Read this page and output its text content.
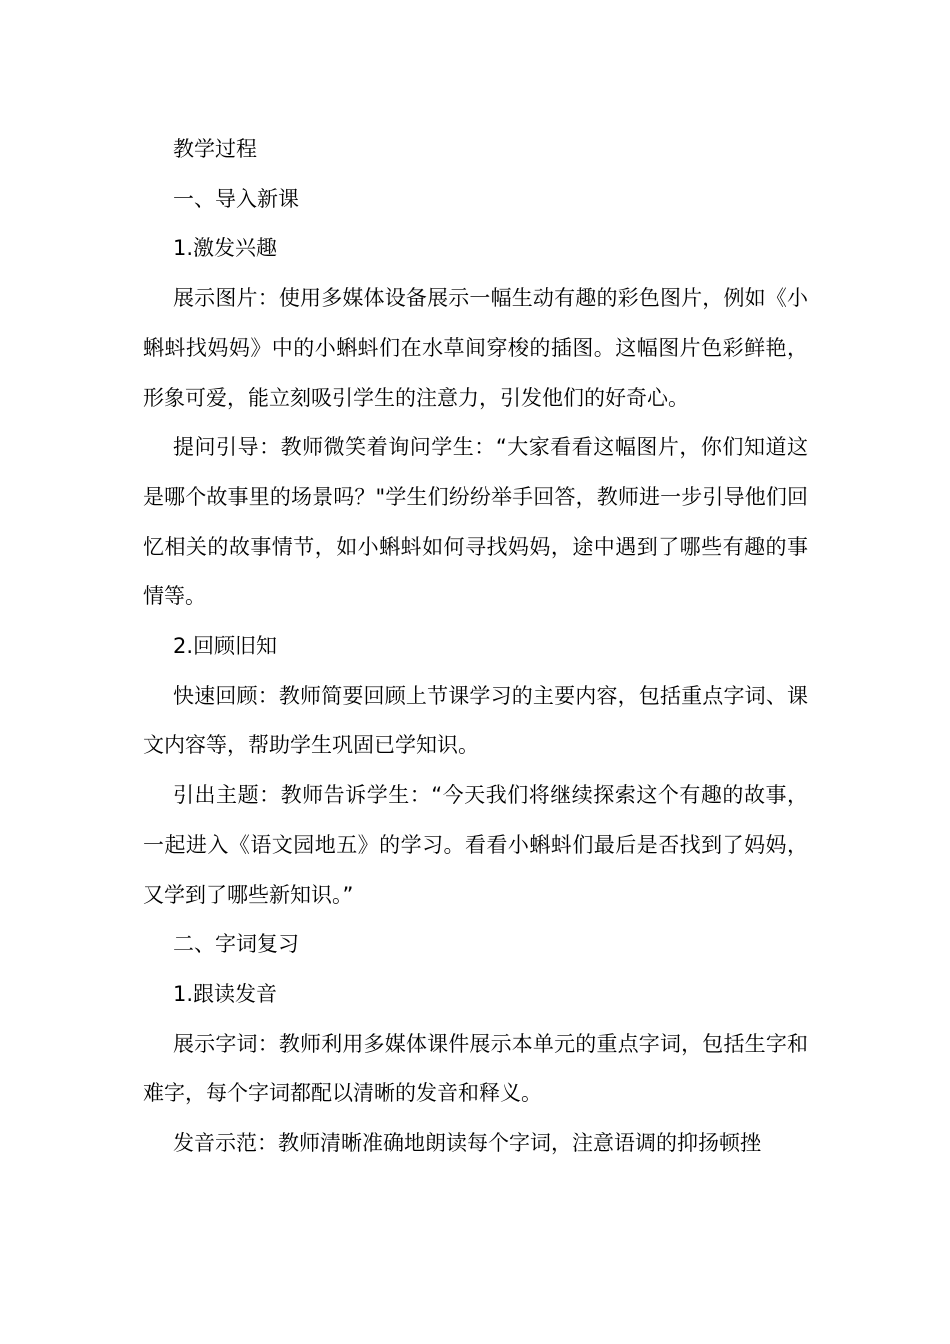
教学过程

一、导入新课

1.激发兴趣

展示图片：使用多媒体设备展示一幅生动有趣的彩色图片，例如《小蝌蚪找妈妈》中的小蝌蚪们在水草间穿梭的插图。这幅图片色彩鲜艳，形象可爱，能立刻吸引学生的注意力，引发他们的好奇心。

提问引导：教师微笑着询问学生：“大家看看这幅图片，你们知道这是哪个故事里的场景吗？"学生们纷纷举手回答，教师进一步引导他们回忆相关的故事情节，如小蝌蚪如何寻找妈妈，途中遇到了哪些有趣的事情等。

2.回顾旧知

快速回顾：教师简要回顾上节课学习的主要内容，包括重点字词、课文内容等，帮助学生巩固已学知识。

引出主题：教师告诉学生：“今天我们将继续探索这个有趣的故事，一起进入《语文园地五》的学习。看看小蝌蚪们最后是否找到了妈妈，又学到了哪些新知识。”

二、字词复习

1.跟读发音

展示字词：教师利用多媒体课件展示本单元的重点字词，包括生字和难字，每个字词都配以清晰的发音和释义。

发音示范：教师清晰准确地朗读每个字词，注意语调的抑扬顿挫
